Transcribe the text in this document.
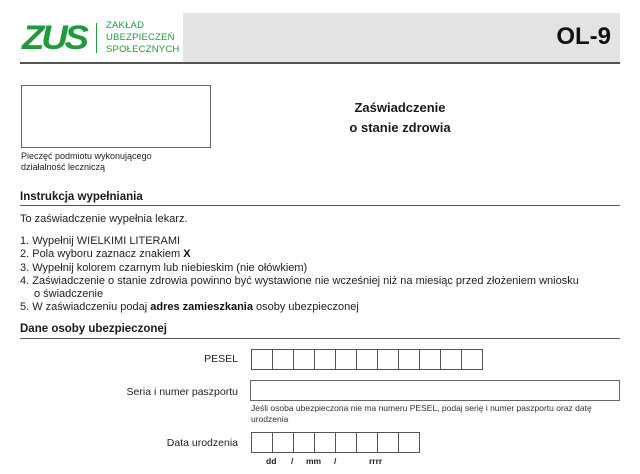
ZUS	ZAKŁAD
UBEZPIECZEŃ
SPOŁECZNYCH	OL-9
Pieczęć podmiotu wykonującego
działalność leczniczą
Zaświadczenie
o stanie zdrowia
Instrukcja wypełniania
To zaświadczenie wypełnia lekarz.
1. Wypełnij WIELKIMI LITERAMI
2. Pola wyboru zaznacz znakiem X
3. Wypełnij kolorem czarnym lub niebieskim (nie ołówkiem)
4. Zaświadczenie o stanie zdrowia powinno być wystawione nie wcześniej niż na miesiąc przed złożeniem wniosku
o świadczenie
5. W zaświadczeniu podaj adres zamieszkania osoby ubezpieczonej
Dane osoby ubezpieczonej
PESEL
Seria i numer paszportu
Jeśli osoba ubezpieczona nie ma numeru PESEL, podaj serię i numer paszportu oraz datę
urodzenia
Data urodzenia
dd / mm /	rrrr
